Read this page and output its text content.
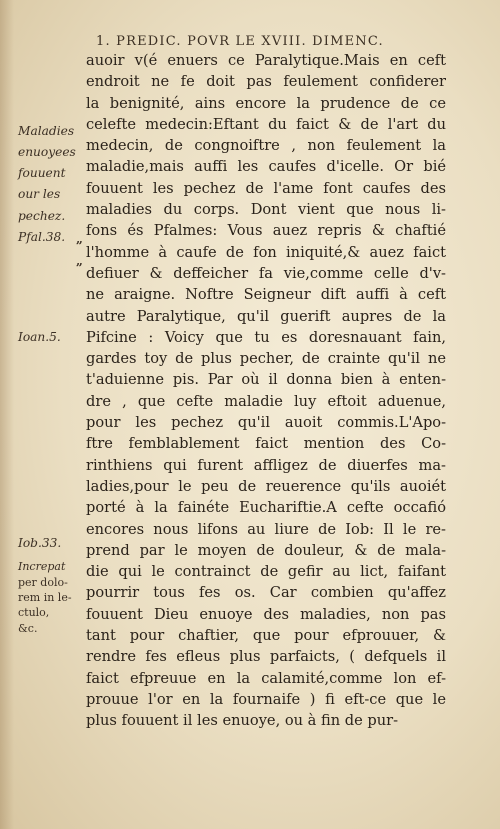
1. PREDIC. POVR LE XVIII. DIMENC.
Maladies
enuoyees
fouuent
our les
pechez.
Pfal.38.
Ioan.5.
Iob.33.
Increpat
per dolo-
rem in le-
ctulo,
&c.
„
„
auoir v(é enuers ce Paralytique.Mais en ceft
endroit ne fe doit pas feulement confiderer
la benignité, ains encore la prudence de ce
celefte medecin:Eftant du faict & de l'art du
medecin, de congnoiftre , non feulement la
maladie,mais auffi les caufes d'icelle. Or bié
fouuent les pechez de l'ame font caufes des
maladies du corps. Dont vient que nous li-
fons és Pfalmes: Vous auez repris & chaftié
l'homme à caufe de fon iniquité,& auez faict
defiuer & deffeicher fa vie,comme celle d'v-
ne araigne. Noftre Seigneur dift auffi à ceft
autre Paralytique, qu'il guerift aupres de la
Pifcine : Voicy que tu es doresnauant fain,
gardes toy de plus pecher, de crainte qu'il ne
t'aduienne pis. Par où il donna bien à enten-
dre , que cefte maladie luy eftoit aduenue,
pour les pechez qu'il auoit commis.L'Apo-
ftre femblablement faict mention des Co-
rinthiens qui furent affligez de diuerfes ma-
ladies,pour le peu de reuerence qu'ils auoiét
porté à la fainéte Euchariftie.A cefte occafió
encores nous lifons au liure de Iob: Il le re-
prend par le moyen de douleur, & de mala-
die qui le contrainct de gefir au lict, faifant
pourrir tous fes os. Car combien qu'affez
fouuent Dieu enuoye des maladies, non pas
tant pour chaftier, que pour efprouuer, &
rendre fes efleus plus parfaicts, ( defquels il
faict efpreuue en la calamité,comme lon ef-
prouue l'or en la fournaife ) fi eft-ce que le
plus fouuent il les enuoye, ou à fin de pur-
